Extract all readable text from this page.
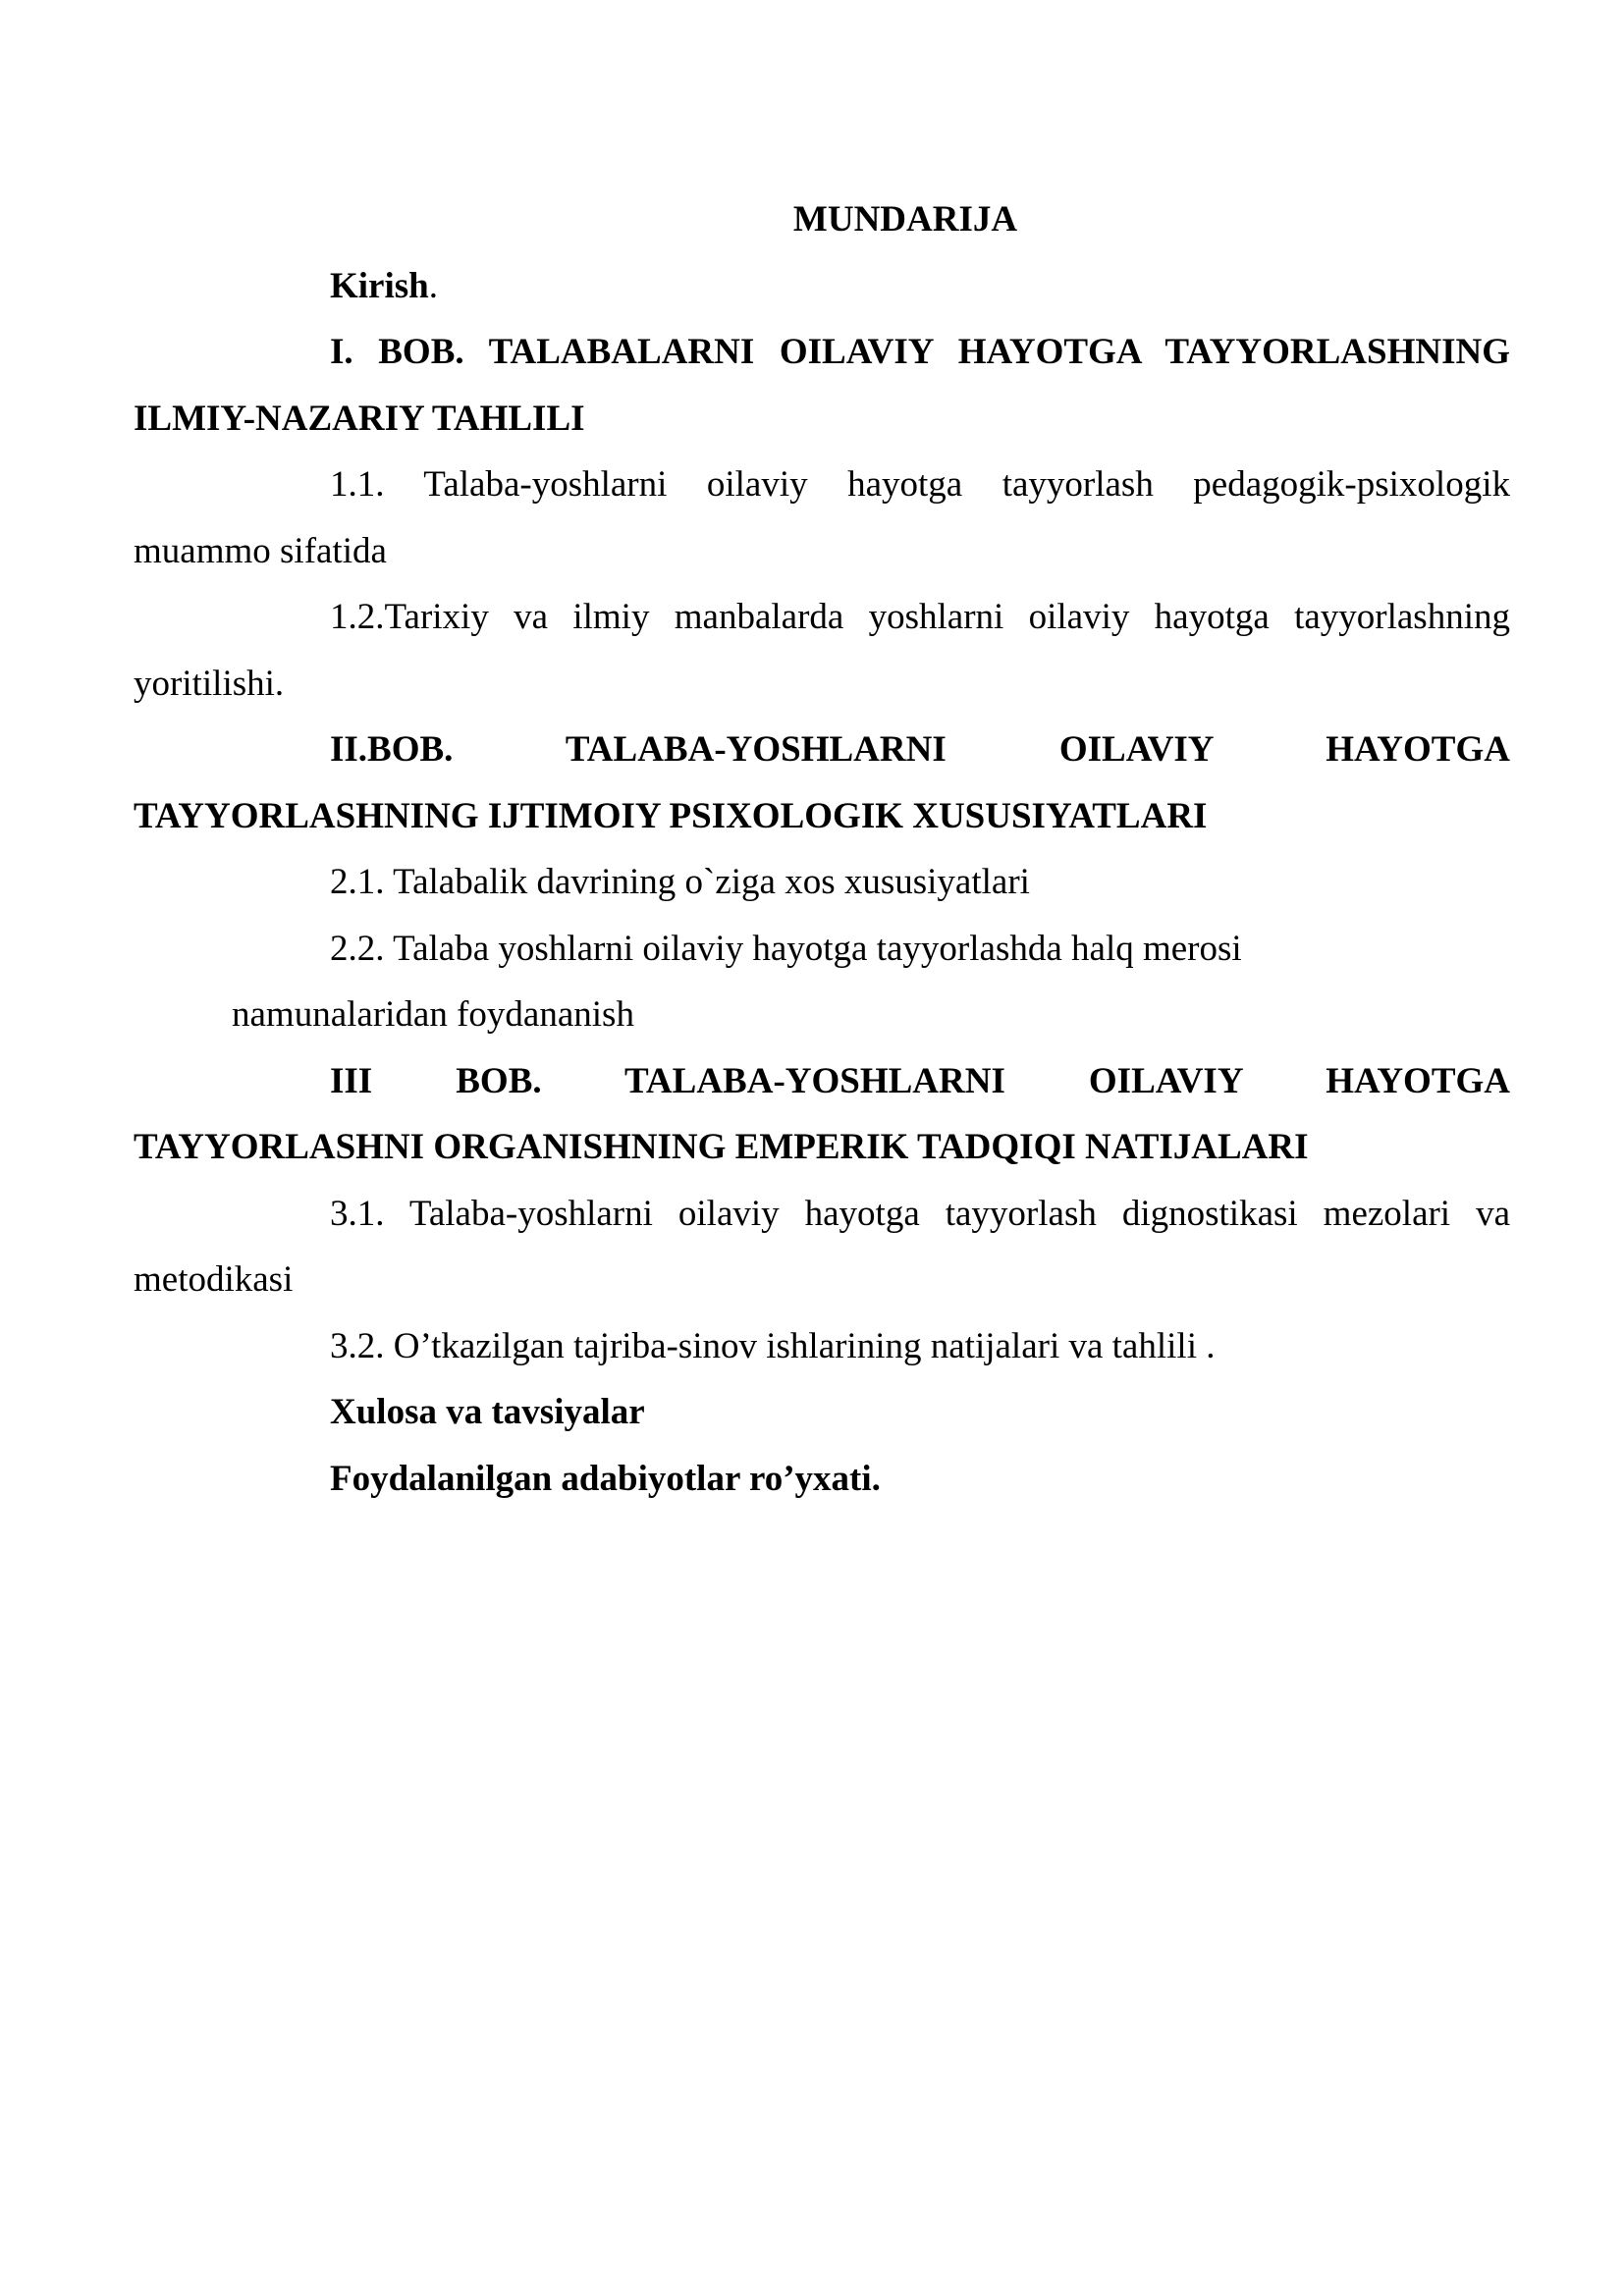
MUNDARIJA

Kirish.

I. BOB. TALABALARNI OILAVIY HAYOTGA TAYYORLASHNING
ILMIY-NAZARIY TAHLILI

1.1. Talaba-yoshlarni oilaviy hayotga tayyorlash pedagogik-psixologik
muammo sifatida

1.2.Tarixiy va ilmiy manbalarda yoshlarni oilaviy hayotga tayyorlashning
yoritilishi.

II.BOB. TALABA-YOSHLARNI OILAVIY HAYOTGA
TAYYORLASHNING IJTIMOIY PSIXOLOGIK XUSUSIYATLARI

2.1. Talabalik davrining o`ziga xos xususiyatlari

2.2. Talaba yoshlarni oilaviy hayotga tayyorlashda halq merosi
namunalaridan foydananish

III BOB. TALABA-YOSHLARNI OILAVIY HAYOTGA
TAYYORLASHNI ORGANISHNING EMPERIK TADQIQI NATIJALARI

3.1. Talaba-yoshlarni oilaviy hayotga tayyorlash dignostikasi mezolari va
metodikasi

3.2. O’tkazilgan tajriba-sinov ishlarining natijalari va tahlili .

Xulosa va tavsiyalar

Foydalanilgan adabiyotlar ro’yxati.
